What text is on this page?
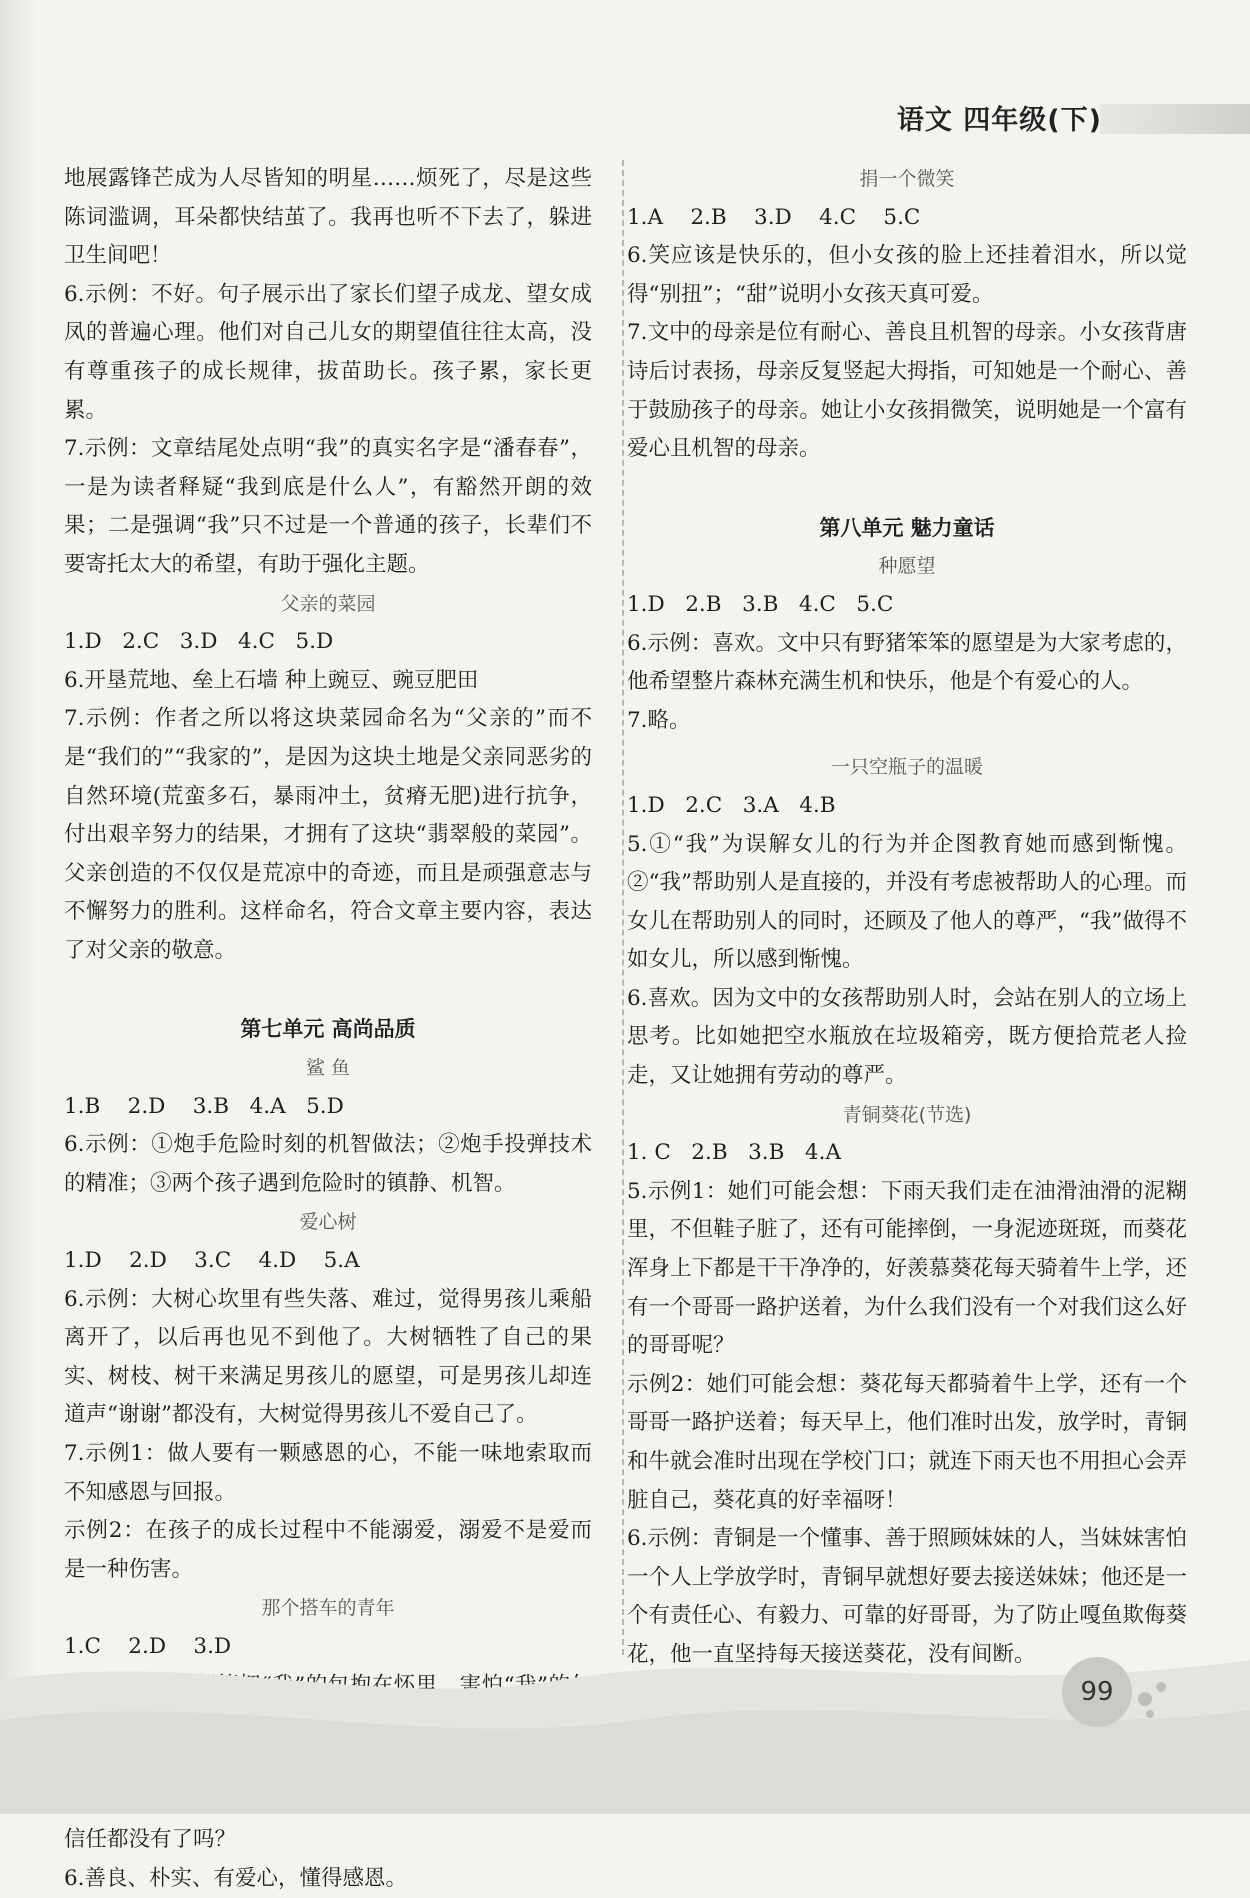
语文 四年级(下)

地展露锋芒成为人尽皆知的明星……烦死了，尽是这些陈词滥调，耳朵都快结茧了。我再也听不下去了，躲进卫生间吧！

6.示例：不好。句子展示出了家长们望子成龙、望女成凤的普遍心理。他们对自己儿女的期望值往往太高，没有尊重孩子的成长规律，拔苗助长。孩子累，家长更累。

7.示例：文章结尾处点明“我”的真实名字是“潘春春”，一是为读者释疑“我到底是什么人”，有豁然开朗的效果；二是强调“我”只不过是一个普通的孩子，长辈们不要寄托太大的希望，有助于强化主题。

父亲的菜园

1.D   2.C   3.D   4.C   5.D

6.开垦荒地、垒上石墙 种上豌豆、豌豆肥田

7.示例：作者之所以将这块菜园命名为“父亲的”而不是“我们的”“我家的”，是因为这块土地是父亲同恶劣的自然环境(荒蛮多石，暴雨冲土，贫瘠无肥)进行抗争，付出艰辛努力的结果，才拥有了这块“翡翠般的菜园”。父亲创造的不仅仅是荒凉中的奇迹，而且是顽强意志与不懈努力的胜利。这样命名，符合文章主要内容，表达了对父亲的敬意。

第七单元 高尚品质

鲨 鱼

1.B    2.D    3.B   4.A   5.D

6.示例：①炮手危险时刻的机智做法；②炮手投弹技术的精准；③两个孩子遇到危险时的镇静、机智。

爱心树

1.D    2.D    3.C    4.D    5.A

6.示例：大树心坎里有些失落、难过，觉得男孩儿乘船离开了，以后再也见不到他了。大树牺牲了自己的果实、树枝、树干来满足男孩儿的愿望，可是男孩儿却连道声“谢谢”都没有，大树觉得男孩儿不爱自己了。

7.示例1：做人要有一颗感恩的心，不能一味地索取而不知感恩与回报。

示例2：在孩子的成长过程中不能溺爱，溺爱不是爱而是一种伤害。

那个搭车的青年

1.C    2.D    3.D

信任都没有了吗？

6.善良、朴实、有爱心，懂得感恩。

捐一个微笑

1.A    2.B    3.D    4.C    5.C

6.笑应该是快乐的，但小女孩的脸上还挂着泪水，所以觉得“别扭”；“甜”说明小女孩天真可爱。

7.文中的母亲是位有耐心、善良且机智的母亲。小女孩背唐诗后讨表扬，母亲反复竖起大拇指，可知她是一个耐心、善于鼓励孩子的母亲。她让小女孩捐微笑，说明她是一个富有爱心且机智的母亲。

第八单元 魅力童话

种愿望

1.D   2.B   3.B   4.C   5.C

6.示例：喜欢。文中只有野猪笨笨的愿望是为大家考虑的，他希望整片森林充满生机和快乐，他是个有爱心的人。

7.略。

一只空瓶子的温暖

1.D   2.C   3.A   4.B

5.①“我”为误解女儿的行为并企图教育她而感到惭愧。②“我”帮助别人是直接的，并没有考虑被帮助人的心理。而女儿在帮助别人的同时，还顾及了他人的尊严，“我”做得不如女儿，所以感到惭愧。

6.喜欢。因为文中的女孩帮助别人时，会站在别人的立场上思考。比如她把空水瓶放在垃圾箱旁，既方便拾荒老人捡走，又让她拥有劳动的尊严。

青铜葵花(节选)

1. C   2.B   3.B   4.A

5.示例1：她们可能会想：下雨天我们走在油滑油滑的泥糊里，不但鞋子脏了，还有可能摔倒，一身泥迹斑斑，而葵花浑身上下都是干干净净的，好羡慕葵花每天骑着牛上学，还有一个哥哥一路护送着，为什么我们没有一个对我们这么好的哥哥呢？

示例2：她们可能会想：葵花每天都骑着牛上学，还有一个哥哥一路护送着；每天早上，他们准时出发，放学时，青铜和牛就会准时出现在学校门口；就连下雨天也不用担心会弄脏自己，葵花真的好幸福呀！

6.示例：青铜是一个懂事、善于照顾妹妹的人，当妹妹害怕一个人上学放学时，青铜早就想好要去接送妹妹；他还是一个有责任心、有毅力、可靠的好哥哥，为了防止嘎鱼欺侮葵花，他一直坚持每天接送葵花，没有间断。

99
